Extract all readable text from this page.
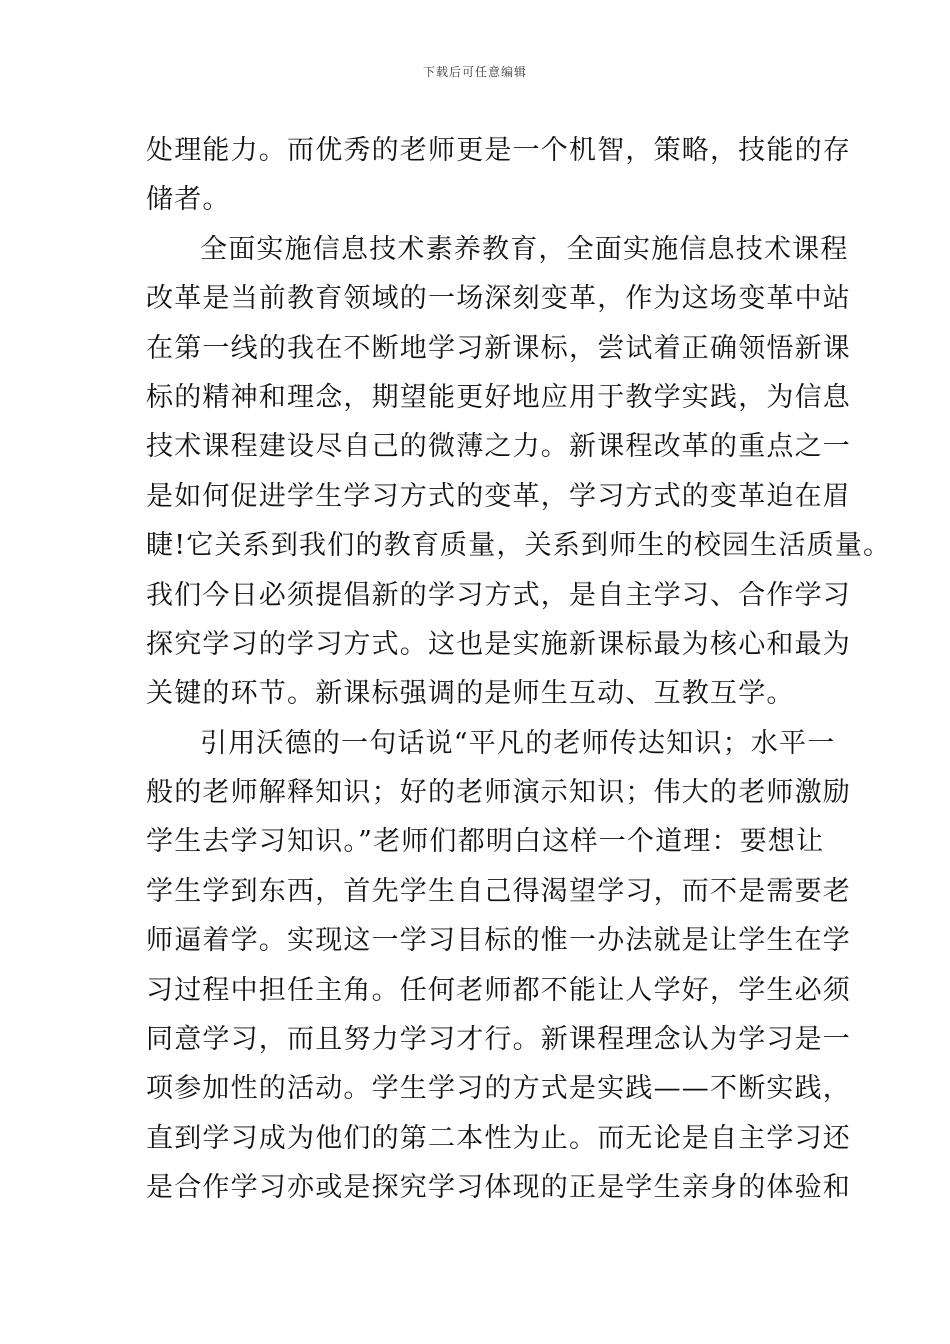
下载后可任意编辑
处理能力。而优秀的老师更是一个机智，策略，技能的存
储者。
全面实施信息技术素养教育，全面实施信息技术课程
改革是当前教育领域的一场深刻变革，作为这场变革中站
在第一线的我在不断地学习新课标，尝试着正确领悟新课
标的精神和理念，期望能更好地应用于教学实践，为信息
技术课程建设尽自己的微薄之力。新课程改革的重点之一
是如何促进学生学习方式的变革，学习方式的变革迫在眉
睫!它关系到我们的教育质量，关系到师生的校园生活质量。
我们今日必须提倡新的学习方式，是自主学习、合作学习
探究学习的学习方式。这也是实施新课标最为核心和最为
关键的环节。新课标强调的是师生互动、互教互学。
引用沃德的一句话说“平凡的老师传达知识；水平一
般的老师解释知识；好的老师演示知识；伟大的老师激励
学生去学习知识。”老师们都明白这样一个道理：要想让
学生学到东西，首先学生自己得渴望学习，而不是需要老
师逼着学。实现这一学习目标的惟一办法就是让学生在学
习过程中担任主角。任何老师都不能让人学好，学生必须
同意学习，而且努力学习才行。新课程理念认为学习是一
项参加性的活动。学生学习的方式是实践——不断实践，
直到学习成为他们的第二本性为止。而无论是自主学习还
是合作学习亦或是探究学习体现的正是学生亲身的体验和
